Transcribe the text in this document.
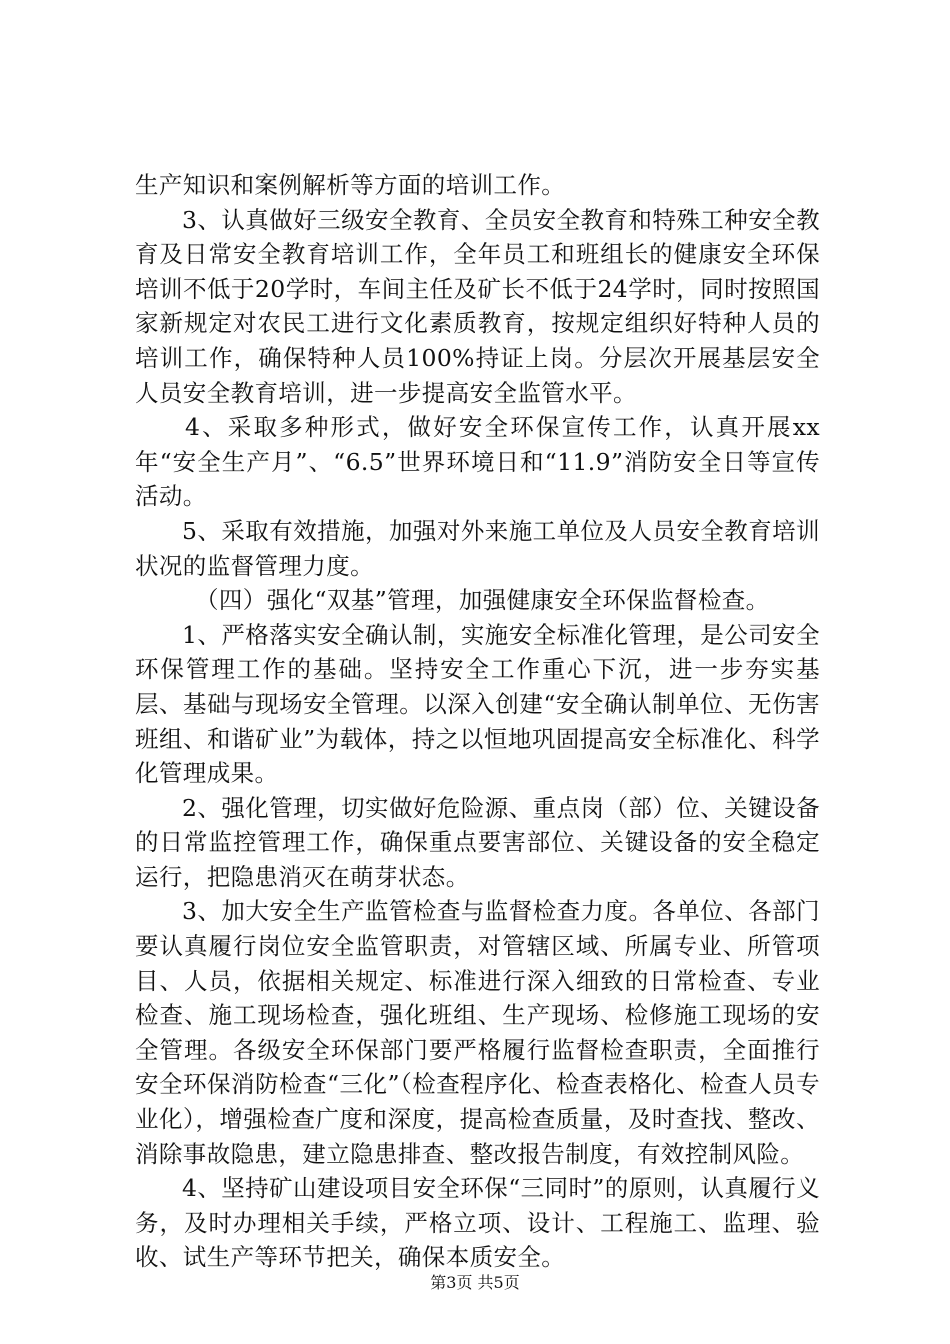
生产知识和案例解析等方面的培训工作。

3、认真做好三级安全教育、全员安全教育和特殊工种安全教育及日常安全教育培训工作，全年员工和班组长的健康安全环保培训不低于20学时，车间主任及矿长不低于24学时，同时按照国家新规定对农民工进行文化素质教育，按规定组织好特种人员的培训工作，确保特种人员100%持证上岗。分层次开展基层安全人员安全教育培训，进一步提高安全监管水平。

4、采取多种形式，做好安全环保宣传工作，认真开展xx年“安全生产月”、“6.5”世界环境日和“11.9”消防安全日等宣传活动。

5、采取有效措施，加强对外来施工单位及人员安全教育培训状况的监督管理力度。

（四）强化“双基”管理，加强健康安全环保监督检查。

1、严格落实安全确认制，实施安全标准化管理，是公司安全环保管理工作的基础。坚持安全工作重心下沉，进一步夯实基层、基础与现场安全管理。以深入创建“安全确认制单位、无伤害班组、和谐矿业”为载体，持之以恒地巩固提高安全标准化、科学化管理成果。

2、强化管理，切实做好危险源、重点岗（部）位、关键设备的日常监控管理工作，确保重点要害部位、关键设备的安全稳定运行，把隐患消灭在萌芽状态。

3、加大安全生产监管检查与监督检查力度。各单位、各部门要认真履行岗位安全监管职责，对管辖区域、所属专业、所管项目、人员，依据相关规定、标准进行深入细致的日常检查、专业检查、施工现场检查，强化班组、生产现场、检修施工现场的安全管理。各级安全环保部门要严格履行监督检查职责，全面推行安全环保消防检查“三化”（检查程序化、检查表格化、检查人员专业化），增强检查广度和深度，提高检查质量，及时查找、整改、消除事故隐患，建立隐患排查、整改报告制度，有效控制风险。

4、坚持矿山建设项目安全环保“三同时”的原则，认真履行义务，及时办理相关手续，严格立项、设计、工程施工、监理、验收、试生产等环节把关，确保本质安全。

第3页 共5页
